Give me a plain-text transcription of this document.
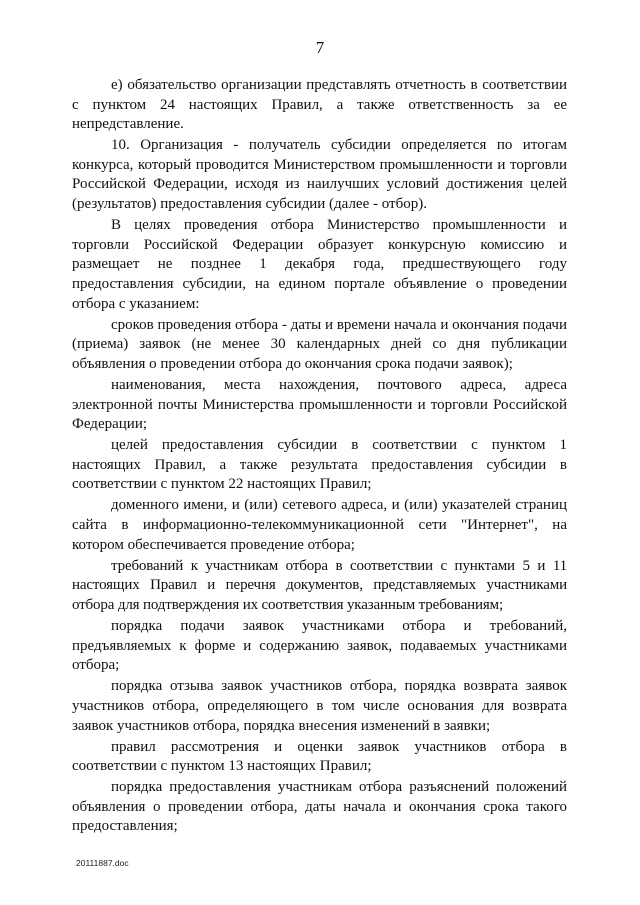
7

е) обязательство организации представлять отчетность в соответствии с пунктом 24 настоящих Правил, а также ответственность за ее непредставление.

10. Организация - получатель субсидии определяется по итогам конкурса, который проводится Министерством промышленности и торговли Российской Федерации, исходя из наилучших условий достижения целей (результатов) предоставления субсидии (далее - отбор).

В целях проведения отбора Министерство промышленности и торговли Российской Федерации образует конкурсную комиссию и размещает не позднее 1 декабря года, предшествующего году предоставления субсидии, на едином портале объявление о проведении отбора с указанием:

сроков проведения отбора - даты и времени начала и окончания подачи (приема) заявок (не менее 30 календарных дней со дня публикации объявления о проведении отбора до окончания срока подачи заявок);

наименования, места нахождения, почтового адреса, адреса электронной почты Министерства промышленности и торговли Российской Федерации;

целей предоставления субсидии в соответствии с пунктом 1 настоящих Правил, а также результата предоставления субсидии в соответствии с пунктом 22 настоящих Правил;

доменного имени, и (или) сетевого адреса, и (или) указателей страниц сайта в информационно-телекоммуникационной сети "Интернет", на котором обеспечивается проведение отбора;

требований к участникам отбора в соответствии с пунктами 5 и 11 настоящих Правил и перечня документов, представляемых участниками отбора для подтверждения их соответствия указанным требованиям;

порядка подачи заявок участниками отбора и требований, предъявляемых к форме и содержанию заявок, подаваемых участниками отбора;

порядка отзыва заявок участников отбора, порядка возврата заявок участников отбора, определяющего в том числе основания для возврата заявок участников отбора, порядка внесения изменений в заявки;

правил рассмотрения и оценки заявок участников отбора в соответствии с пунктом 13 настоящих Правил;

порядка предоставления участникам отбора разъяснений положений объявления о проведении отбора, даты начала и окончания срока такого предоставления;

20111887.doc
